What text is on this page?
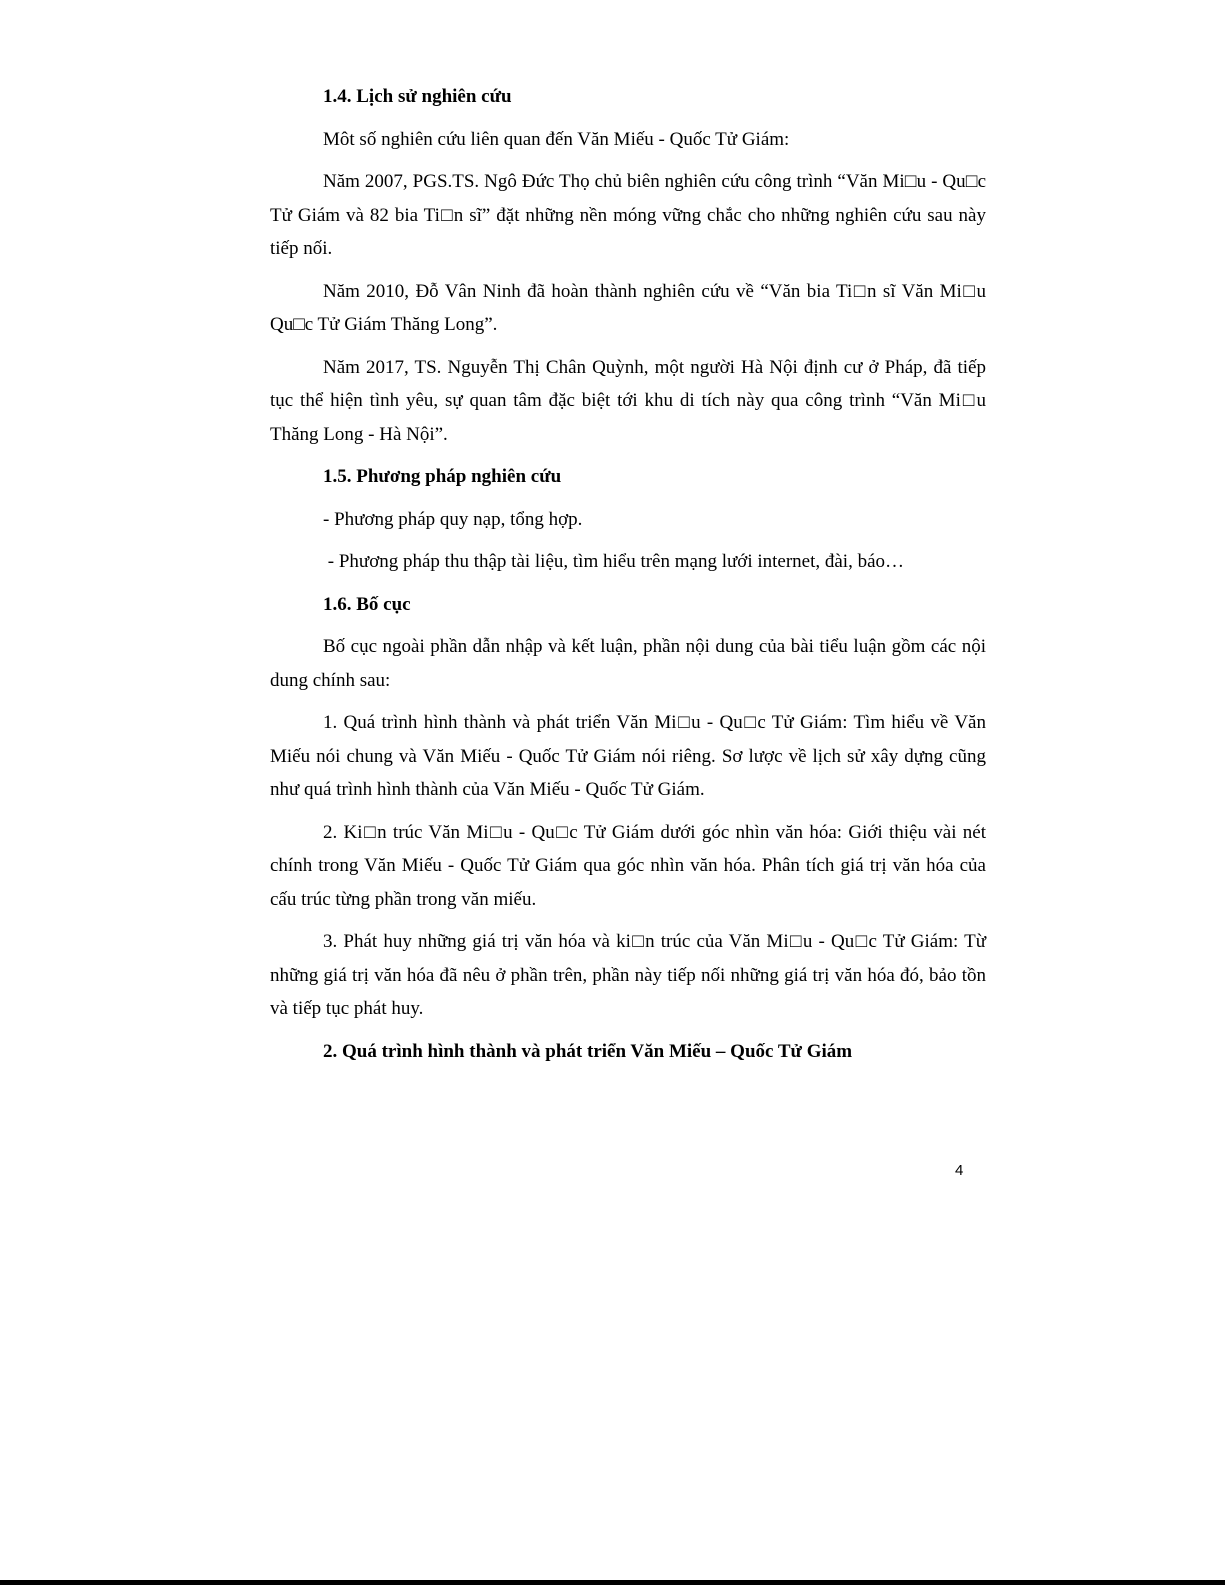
1.4. Lịch sử nghiên cứu

Môt số nghiên cứu liên quan đến Văn Miếu - Quốc Tử Giám:

Năm 2007, PGS.TS. Ngô Đức Thọ chủ biên nghiên cứu công trình “Văn Mi□u - Qu□c Tử Giám và 82 bia Ti□n sĩ” đặt những nền móng vững chắc cho những nghiên cứu sau này tiếp nối.

Năm 2010, Đỗ Vân Ninh đã hoàn thành nghiên cứu về “Văn bia Ti□n sĩ Văn Mi□u Qu□c Tử Giám Thăng Long”.

Năm 2017, TS. Nguyễn Thị Chân Quỳnh, một người Hà Nội định cư ở Pháp, đã tiếp tục thể hiện tình yêu, sự quan tâm đặc biệt tới khu di tích này qua công trình “Văn Mi□u Thăng Long - Hà Nội”.

1.5. Phương pháp nghiên cứu

- Phương pháp quy nạp, tổng hợp.

- Phương pháp thu thập tài liệu, tìm hiểu trên mạng lưới internet, đài, báo…

1.6. Bố cục

Bố cục ngoài phần dẫn nhập và kết luận, phần nội dung của bài tiểu luận gồm các nội dung chính sau:

1. Quá trình hình thành và phát triển Văn Mi□u - Qu□c Tử Giám: Tìm hiểu về Văn Miếu nói chung và Văn Miếu - Quốc Tử Giám nói riêng. Sơ lược về lịch sử xây dựng cũng như quá trình hình thành của Văn Miếu - Quốc Tử Giám.

2. Ki□n trúc Văn Mi□u - Qu□c Tử Giám dưới góc nhìn văn hóa: Giới thiệu vài nét chính trong Văn Miếu - Quốc Tử Giám qua góc nhìn văn hóa. Phân tích giá trị văn hóa của cấu trúc từng phần trong văn miếu.

3. Phát huy những giá trị văn hóa và ki□n trúc của Văn Mi□u - Qu□c Tử Giám: Từ những giá trị văn hóa đã nêu ở phần trên, phần này tiếp nối những giá trị văn hóa đó, bảo tồn và tiếp tục phát huy.

2. Quá trình hình thành và phát triển Văn Miếu – Quốc Tử Giám

4
